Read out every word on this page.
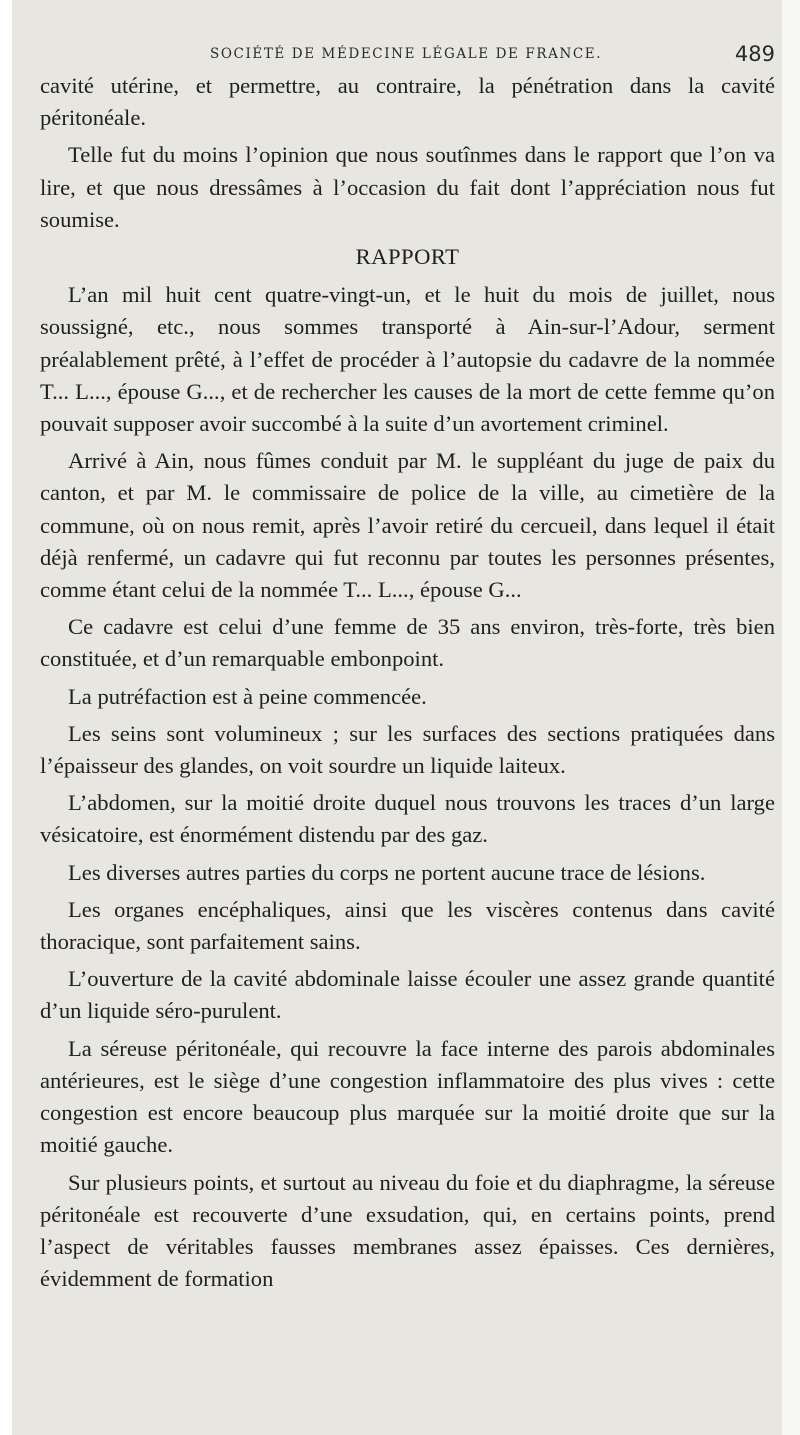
SOCIÉTÉ DE MÉDECINE LÉGALE DE FRANCE.	489

cavité utérine, et permettre, au contraire, la pénétration dans la cavité péritonéale.

Telle fut du moins l’opinion que nous soutînmes dans le rapport que l’on va lire, et que nous dressâmes à l’occasion du fait dont l’appréciation nous fut soumise.

RAPPORT

L’an mil huit cent quatre-vingt-un, et le huit du mois de juillet, nous soussigné, etc., nous sommes transporté à Ain-sur-l’Adour, serment préalablement prêté, à l’effet de procéder à l’autopsie du cadavre de la nommée T... L..., épouse G..., et de rechercher les causes de la mort de cette femme qu’on pouvait supposer avoir succombé à la suite d’un avortement criminel.

Arrivé à Ain, nous fûmes conduit par M. le suppléant du juge de paix du canton, et par M. le commissaire de police de la ville, au cimetière de la commune, où on nous remit, après l’avoir retiré du cercueil, dans lequel il était déjà renfermé, un cadavre qui fut reconnu par toutes les personnes présentes, comme étant celui de la nommée T... L..., épouse G...

Ce cadavre est celui d’une femme de 35 ans environ, très-forte, très bien constituée, et d’un remarquable embonpoint.

La putréfaction est à peine commencée.

Les seins sont volumineux ; sur les surfaces des sections pratiquées dans l’épaisseur des glandes, on voit sourdre un liquide laiteux.

L’abdomen, sur la moitié droite duquel nous trouvons les traces d’un large vésicatoire, est énormément distendu par des gaz.

Les diverses autres parties du corps ne portent aucune trace de lésions.

Les organes encéphaliques, ainsi que les viscères contenus dans cavité thoracique, sont parfaitement sains.

L’ouverture de la cavité abdominale laisse écouler une assez grande quantité d’un liquide séro-purulent.

La séreuse péritonéale, qui recouvre la face interne des parois abdominales antérieures, est le siège d’une congestion inflammatoire des plus vives : cette congestion est encore beaucoup plus marquée sur la moitié droite que sur la moitié gauche.

Sur plusieurs points, et surtout au niveau du foie et du diaphragme, la séreuse péritonéale est recouverte d’une exsudation, qui, en certains points, prend l’aspect de véritables fausses membranes assez épaisses. Ces dernières, évidemment de formation
